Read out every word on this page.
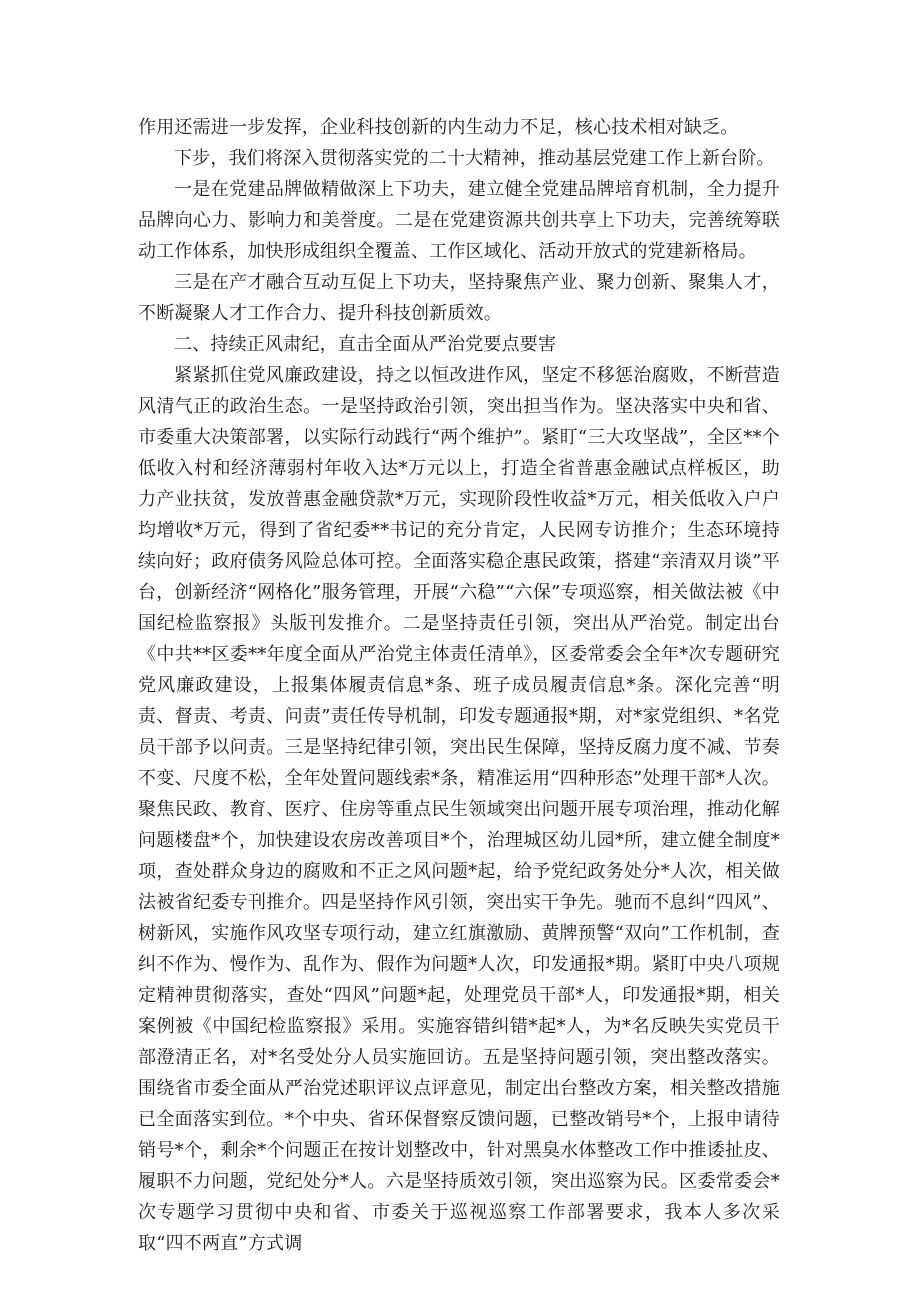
作用还需进一步发挥，企业科技创新的内生动力不足，核心技术相对缺乏。

下步，我们将深入贯彻落实党的二十大精神，推动基层党建工作上新台阶。

一是在党建品牌做精做深上下功夫，建立健全党建品牌培育机制，全力提升品牌向心力、影响力和美誉度。二是在党建资源共创共享上下功夫，完善统筹联动工作体系，加快形成组织全覆盖、工作区域化、活动开放式的党建新格局。

三是在产才融合互动互促上下功夫，坚持聚焦产业、聚力创新、聚集人才，不断凝聚人才工作合力、提升科技创新质效。

二、持续正风肃纪，直击全面从严治党要点要害

紧紧抓住党风廉政建设，持之以恒改进作风，坚定不移惩治腐败，不断营造风清气正的政治生态。一是坚持政治引领，突出担当作为。坚决落实中央和省、市委重大决策部署，以实际行动践行“两个维护”。紧盯“三大攻坚战”，全区**个低收入村和经济薄弱村年收入达*万元以上，打造全省普惠金融试点样板区，助力产业扶贫，发放普惠金融贷款*万元，实现阶段性收益*万元，相关低收入户户均增收*万元，得到了省纪委**书记的充分肯定，人民网专访推介；生态环境持续向好；政府债务风险总体可控。全面落实稳企惠民政策，搭建“亲清双月谈”平台，创新经济“网格化”服务管理，开展“六稳”“六保”专项巡察，相关做法被《中国纪检监察报》头版刊发推介。二是坚持责任引领，突出从严治党。制定出台《中共**区委**年度全面从严治党主体责任清单》，区委常委会全年*次专题研究党风廉政建设，上报集体履责信息*条、班子成员履责信息*条。深化完善“明责、督责、考责、问责”责任传导机制，印发专题通报*期，对*家党组织、*名党员干部予以问责。三是坚持纪律引领，突出民生保障，坚持反腐力度不减、节奏不变、尺度不松，全年处置问题线索*条，精准运用“四种形态”处理干部*人次。聚焦民政、教育、医疗、住房等重点民生领域突出问题开展专项治理，推动化解问题楼盘*个，加快建设农房改善项目*个，治理城区幼儿园*所，建立健全制度*项，查处群众身边的腐败和不正之风问题*起，给予党纪政务处分*人次，相关做法被省纪委专刊推介。四是坚持作风引领，突出实干争先。驰而不息纠“四风”、树新风，实施作风攻坚专项行动，建立红旗激励、黄牌预警“双向”工作机制，查纠不作为、慢作为、乱作为、假作为问题*人次，印发通报*期。紧盯中央八项规定精神贯彻落实，查处“四风”问题*起，处理党员干部*人，印发通报*期，相关案例被《中国纪检监察报》采用。实施容错纠错*起*人，为*名反映失实党员干部澄清正名，对*名受处分人员实施回访。五是坚持问题引领，突出整改落实。围绕省市委全面从严治党述职评议点评意见，制定出台整改方案，相关整改措施已全面落实到位。*个中央、省环保督察反馈问题，已整改销号*个，上报申请待销号*个，剩余*个问题正在按计划整改中，针对黑臭水体整改工作中推诿扯皮、履职不力问题，党纪处分*人。六是坚持质效引领，突出巡察为民。区委常委会*次专题学习贯彻中央和省、市委关于巡视巡察工作部署要求，我本人多次采取“四不两直”方式调
